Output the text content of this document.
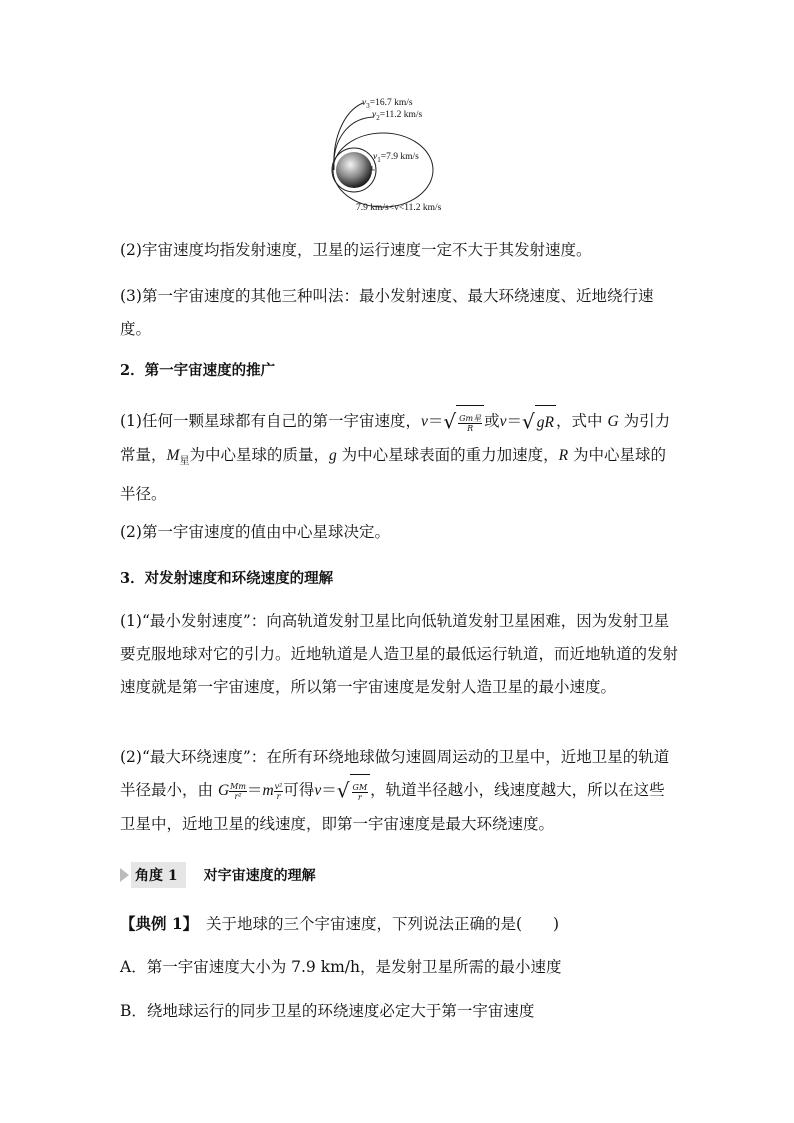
$v_3=16.7$ km/s
$v_2=11.2$ km/s
$v_1=7.9$ km/s
7.9 km/s<v<11.2 km/s

(2)宇宙速度均指发射速度，卫星的运行速度一定不大于其发射速度。

(3)第一宇宙速度的其他三种叫法：最小发射速度、最大环绕速度、近地绕行速度。

2．第一宇宙速度的推广

(1)任何一颗星球都有自己的第一宇宙速度，$v=√ \frac{\text{Gm星}}{R}$ 或v＝√ gR ，式中 G 为引力常量，$M_星$为中心星球的质量，g 为中心星球表面的重力加速度，R 为中心星球的半径。

(2)第一宇宙速度的值由中心星球决定。

3．对发射速度和环绕速度的理解

(1)“最小发射速度”：向高轨道发射卫星比向低轨道发射卫星困难，因为发射卫星要克服地球对它的引力。近地轨道是人造卫星的最低运行轨道，而近地轨道的发射速度就是第一宇宙速度，所以第一宇宙速度是发射人造卫星的最小速度。

(2)“最大环绕速度”：在所有环绕地球做匀速圆周运动的卫星中，近地卫星的轨道半径最小，由 G $\frac{Mm}{\text{r²}} =m \frac{\text{v²}}{r}$ 可得$v=√ \frac{GM}{r}$ ，轨道半径越小，线速度越大，所以在这些卫星中，近地卫星的线速度，即第一宇宙速度是最大环绕速度。

角度 1	对宇宙速度的理解

【典例 1】　关于地球的三个宇宙速度，下列说法正确的是(　　)

A．第一宇宙速度大小为 7.9 km/h，是发射卫星所需的最小速度

B．绕地球运行的同步卫星的环绕速度必定大于第一宇宙速度
